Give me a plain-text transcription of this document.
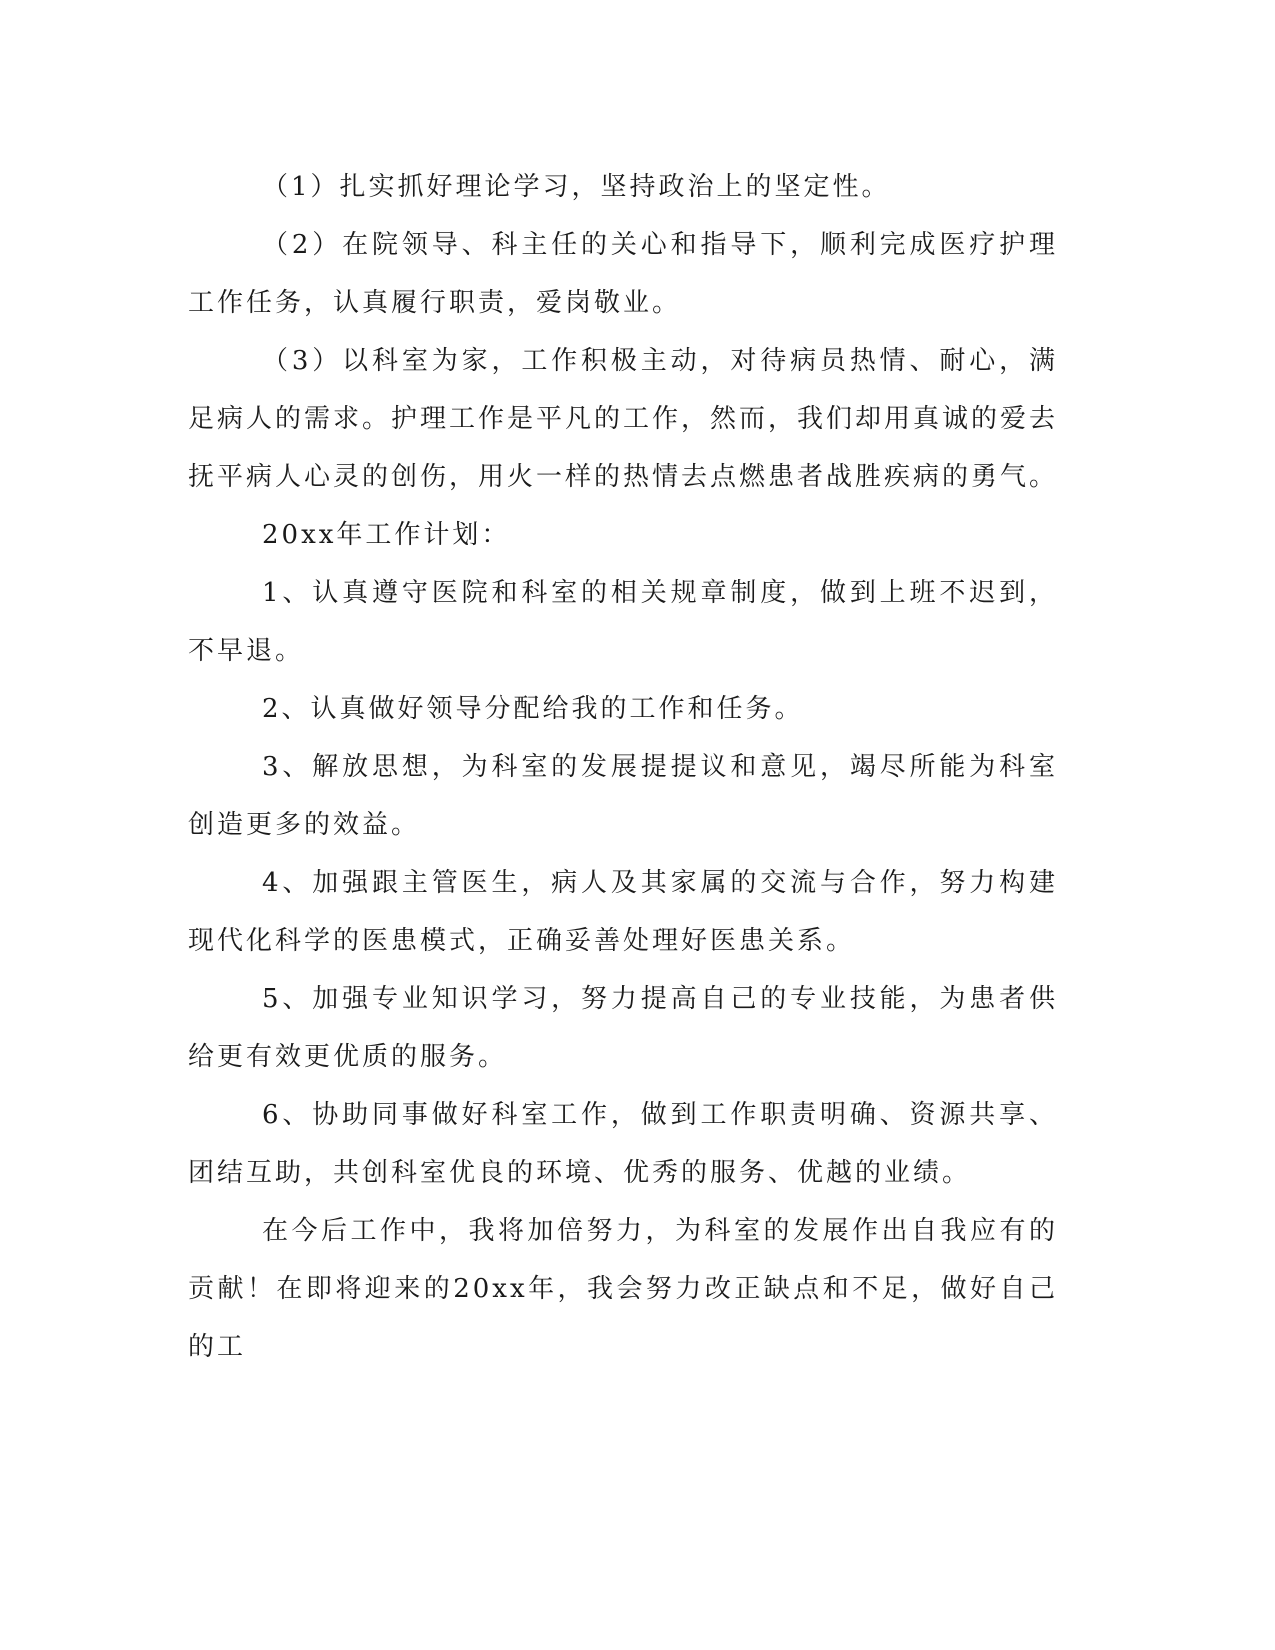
（1）扎实抓好理论学习，坚持政治上的坚定性。

（2）在院领导、科主任的关心和指导下，顺利完成医疗护理工作任务，认真履行职责，爱岗敬业。

（3）以科室为家，工作积极主动，对待病员热情、耐心，满足病人的需求。护理工作是平凡的工作，然而，我们却用真诚的爱去抚平病人心灵的创伤，用火一样的热情去点燃患者战胜疾病的勇气。

20xx年工作计划：

1、认真遵守医院和科室的相关规章制度，做到上班不迟到，不早退。

2、认真做好领导分配给我的工作和任务。

3、解放思想，为科室的发展提提议和意见，竭尽所能为科室创造更多的效益。

4、加强跟主管医生，病人及其家属的交流与合作，努力构建现代化科学的医患模式，正确妥善处理好医患关系。

5、加强专业知识学习，努力提高自己的专业技能，为患者供给更有效更优质的服务。

6、协助同事做好科室工作，做到工作职责明确、资源共享、团结互助，共创科室优良的环境、优秀的服务、优越的业绩。

在今后工作中，我将加倍努力，为科室的发展作出自我应有的贡献！在即将迎来的20xx年，我会努力改正缺点和不足，做好自己的工
